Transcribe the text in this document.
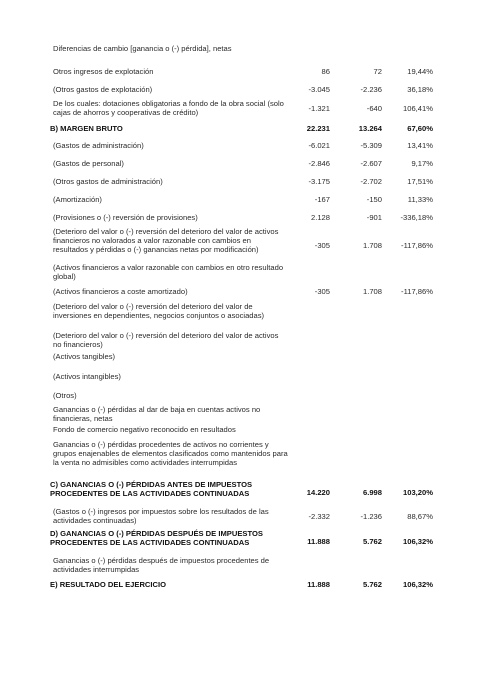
Diferencias de cambio [ganancia o (-) pérdida], netas
Otros ingresos de explotación	86	72	19,44%
(Otros gastos de explotación)	-3.045	-2.236	36,18%
De los cuales: dotaciones obligatorias a fondo de la obra social (solo cajas de ahorros y cooperativas de crédito)	-1.321	-640	106,41%
B) MARGEN BRUTO	22.231	13.264	67,60%
(Gastos de administración)	-6.021	-5.309	13,41%
(Gastos de personal)	-2.846	-2.607	9,17%
(Otros gastos de administración)	-3.175	-2.702	17,51%
(Amortización)	-167	-150	11,33%
(Provisiones o (-) reversión de provisiones)	2.128	-901	-336,18%
(Deterioro del valor o (-) reversión del deterioro del valor de activos financieros no valorados a valor razonable con cambios en resultados y pérdidas o (-) ganancias netas por modificación)	-305	1.708	-117,86%
(Activos financieros a valor razonable con cambios en otro resultado global)
(Activos financieros a coste amortizado)	-305	1.708	-117,86%
(Deterioro del valor o (-) reversión del deterioro del valor de inversiones en dependientes, negocios conjuntos o asociadas)
(Deterioro del valor o (-) reversión del deterioro del valor de activos no financieros)
(Activos tangibles)
(Activos intangibles)
(Otros)
Ganancias o (-) pérdidas al dar de baja en cuentas activos no financieras, netas
Fondo de comercio negativo reconocido en resultados
Ganancias o (-) pérdidas procedentes de activos no corrientes y grupos enajenables de elementos clasificados como mantenidos para la venta no admisibles como actividades interrumpidas
C) GANANCIAS O (-) PÉRDIDAS ANTES DE IMPUESTOS PROCEDENTES DE LAS ACTIVIDADES CONTINUADAS	14.220	6.998	103,20%
(Gastos o (-) ingresos por impuestos sobre los resultados de las actividades continuadas)	-2.332	-1.236	88,67%
D) GANANCIAS O (-) PÉRDIDAS DESPUÉS DE IMPUESTOS PROCEDENTES DE LAS ACTIVIDADES CONTINUADAS	11.888	5.762	106,32%
Ganancias o (-) pérdidas después de impuestos procedentes de actividades interrumpidas
E) RESULTADO DEL EJERCICIO	11.888	5.762	106,32%
